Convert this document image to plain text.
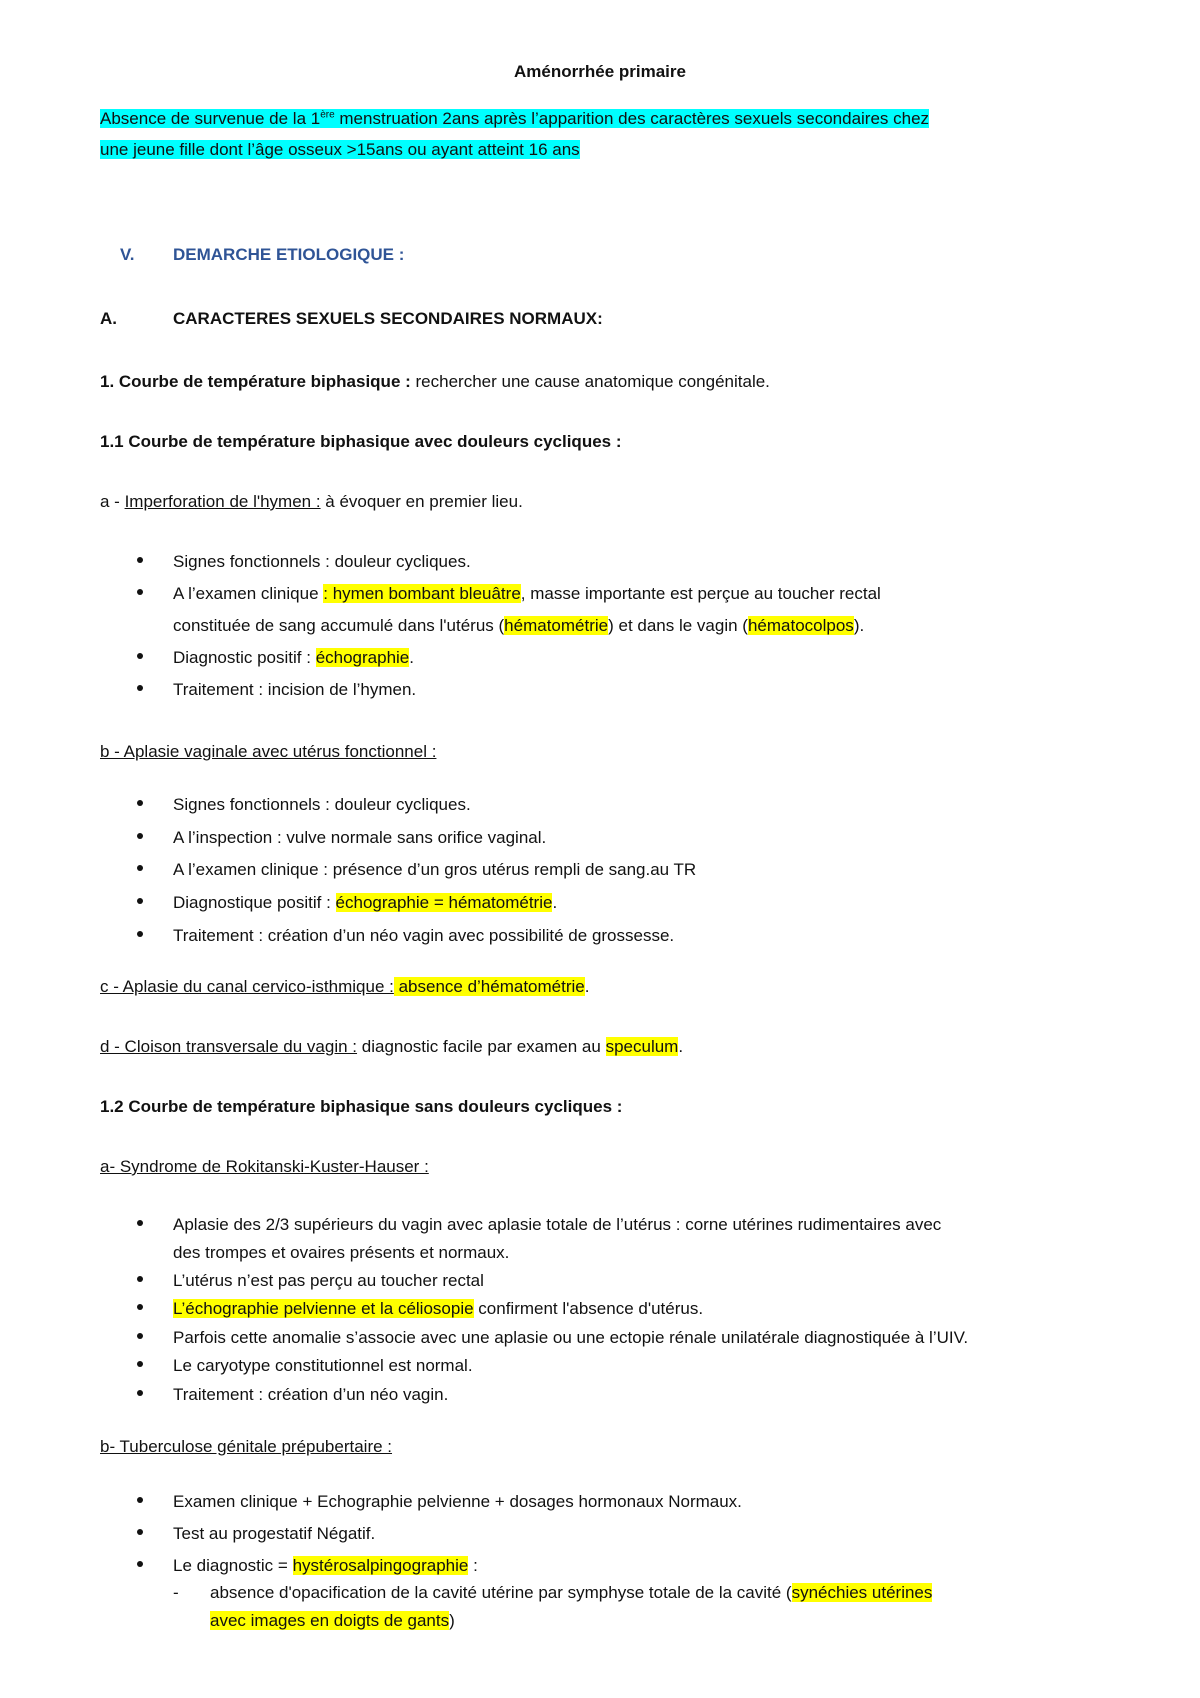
Aménorrhée primaire
Absence de survenue de la 1ère menstruation 2ans après l’apparition des caractères sexuels secondaires chez
une jeune fille dont l’âge osseux >15ans ou ayant atteint 16 ans
V. DEMARCHE ETIOLOGIQUE :
A.	CARACTERES SEXUELS SECONDAIRES NORMAUX:
1. Courbe de température biphasique : rechercher une cause anatomique congénitale.
1.1 Courbe de température biphasique avec douleurs cycliques :
a - Imperforation de l'hymen : à évoquer en premier lieu.
Signes fonctionnels : douleur cycliques.
A l’examen clinique : hymen bombant bleuâtre, masse importante est perçue au toucher rectal
constituée de sang accumulé dans l'utérus (hématométrie) et dans le vagin (hématocolpos).
Diagnostic positif : échographie.
Traitement : incision de l’hymen.
b - Aplasie vaginale avec utérus fonctionnel :
Signes fonctionnels : douleur cycliques.
A l’inspection : vulve normale sans orifice vaginal.
A l’examen clinique : présence d’un gros utérus rempli de sang.au TR
Diagnostique positif : échographie = hématométrie.
Traitement : création d’un néo vagin avec possibilité de grossesse.
c - Aplasie du canal cervico-isthmique : absence d’hématométrie.
d - Cloison transversale du vagin : diagnostic facile par examen au speculum.
1.2 Courbe de température biphasique sans douleurs cycliques :
a- Syndrome de Rokitanski-Kuster-Hauser :
Aplasie des 2/3 supérieurs du vagin avec aplasie totale de l’utérus : corne utérines rudimentaires avec
des trompes et ovaires présents et normaux.
L’utérus n’est pas perçu au toucher rectal
L’échographie pelvienne et la céliosopie confirment l'absence d'utérus.
Parfois cette anomalie s’associe avec une aplasie ou une ectopie rénale unilatérale diagnostiquée à l’UIV.
Le caryotype constitutionnel est normal.
Traitement : création d’un néo vagin.
b- Tuberculose génitale prépubertaire :
Examen clinique + Echographie pelvienne + dosages hormonaux Normaux.
Test au progestatif Négatif.
Le diagnostic = hystérosalpingographie :
- absence d'opacification de la cavité utérine par symphyse totale de la cavité (synéchies utérines
avec images en doigts de gants)
